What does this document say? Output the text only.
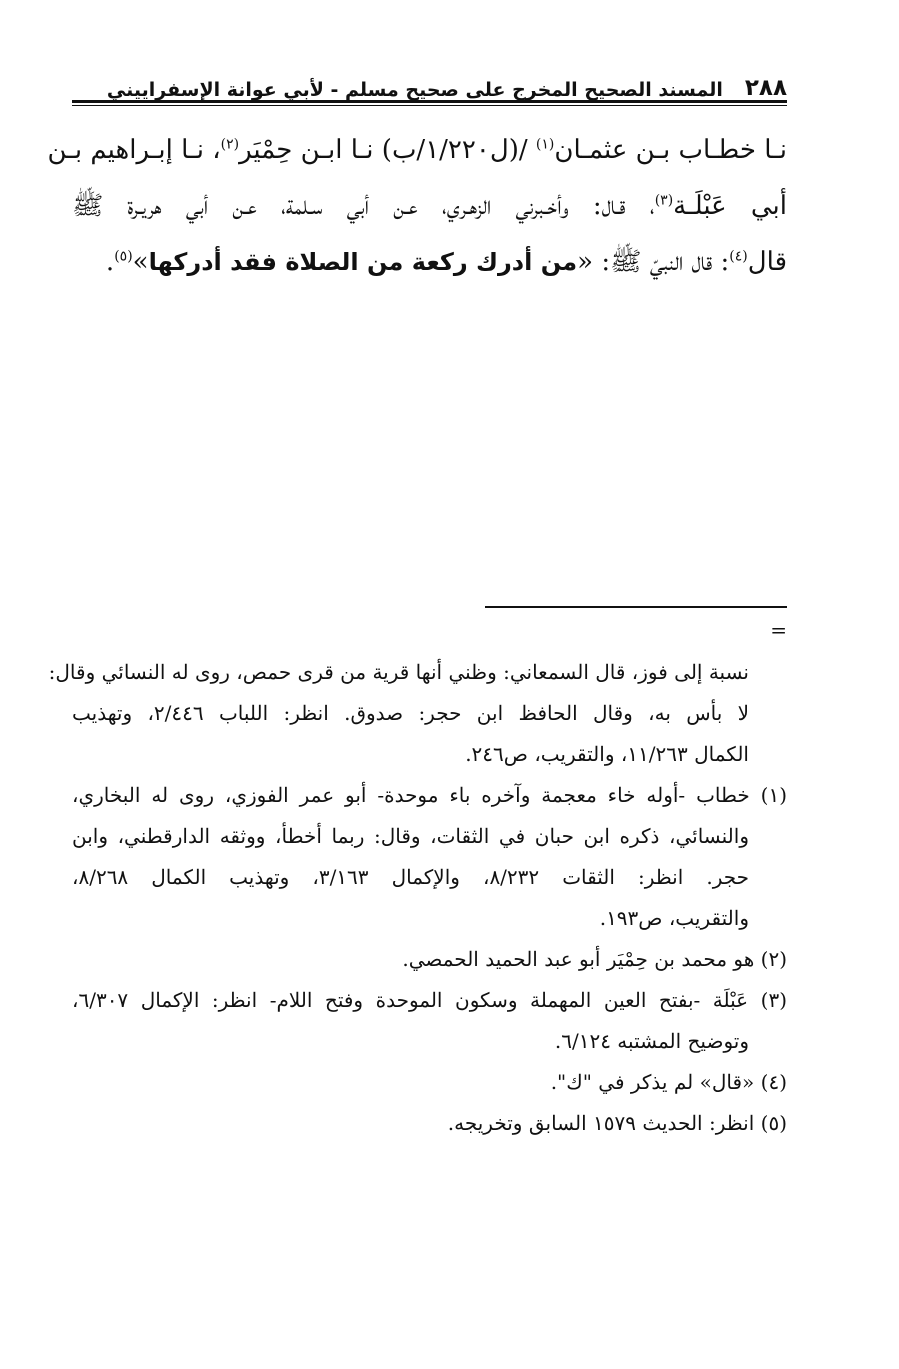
٢٨٨
المسند الصحيح المخرج على صحيح مسلم - لأبي عوانة الإسفراييني
نـا خطـاب بـن عثمـان$^{(١)}$ /(ل١/٢٢٠/ب) نـا ابـن حِمْيَر$^{(٢)}$، نـا إبـراهيم بـن
أبي عَبْلَـة$^{(٣)}$، قـال: وأخـبرني الزهـري، عـن أبي سـلمة، عـن أبي هريـرة ﷺ
قال$^{(٤)}$: قال النبيّ ﷺ: «من أدرك ركعة من الصلاة فقد أدركها»$^{(٥)}$.
=
نسبة إلى فوز، قال السمعاني: وظني أنها قرية من قرى حمص، روى له النسائي وقال:
لا بأس به، وقال الحافظ ابن حجر: صدوق. انظر: اللباب ٢/٤٤٦، وتهذيب
الكمال ١١/٢٦٣، والتقريب، ص٢٤٦.
(١) خطاب -أوله خاء معجمة وآخره باء موحدة- أبو عمر الفوزي، روى له البخاري،
والنسائي، ذكره ابن حبان في الثقات، وقال: ربما أخطأ، ووثقه الدارقطني، وابن
حجر. انظر: الثقات ٨/٢٣٢، والإكمال ٣/١٦٣، وتهذيب الكمال ٨/٢٦٨،
والتقريب، ص١٩٣.
(٢) هو محمد بن حِمْيَر أبو عبد الحميد الحمصي.
(٣) عَبْلَة -بفتح العين المهملة وسكون الموحدة وفتح اللام- انظر: الإكمال ٦/٣٠٧،
وتوضيح المشتبه ٦/١٢٤.
(٤) «قال» لم يذكر في "ك".
(٥) انظر: الحديث ١٥٧٩ السابق وتخريجه.
